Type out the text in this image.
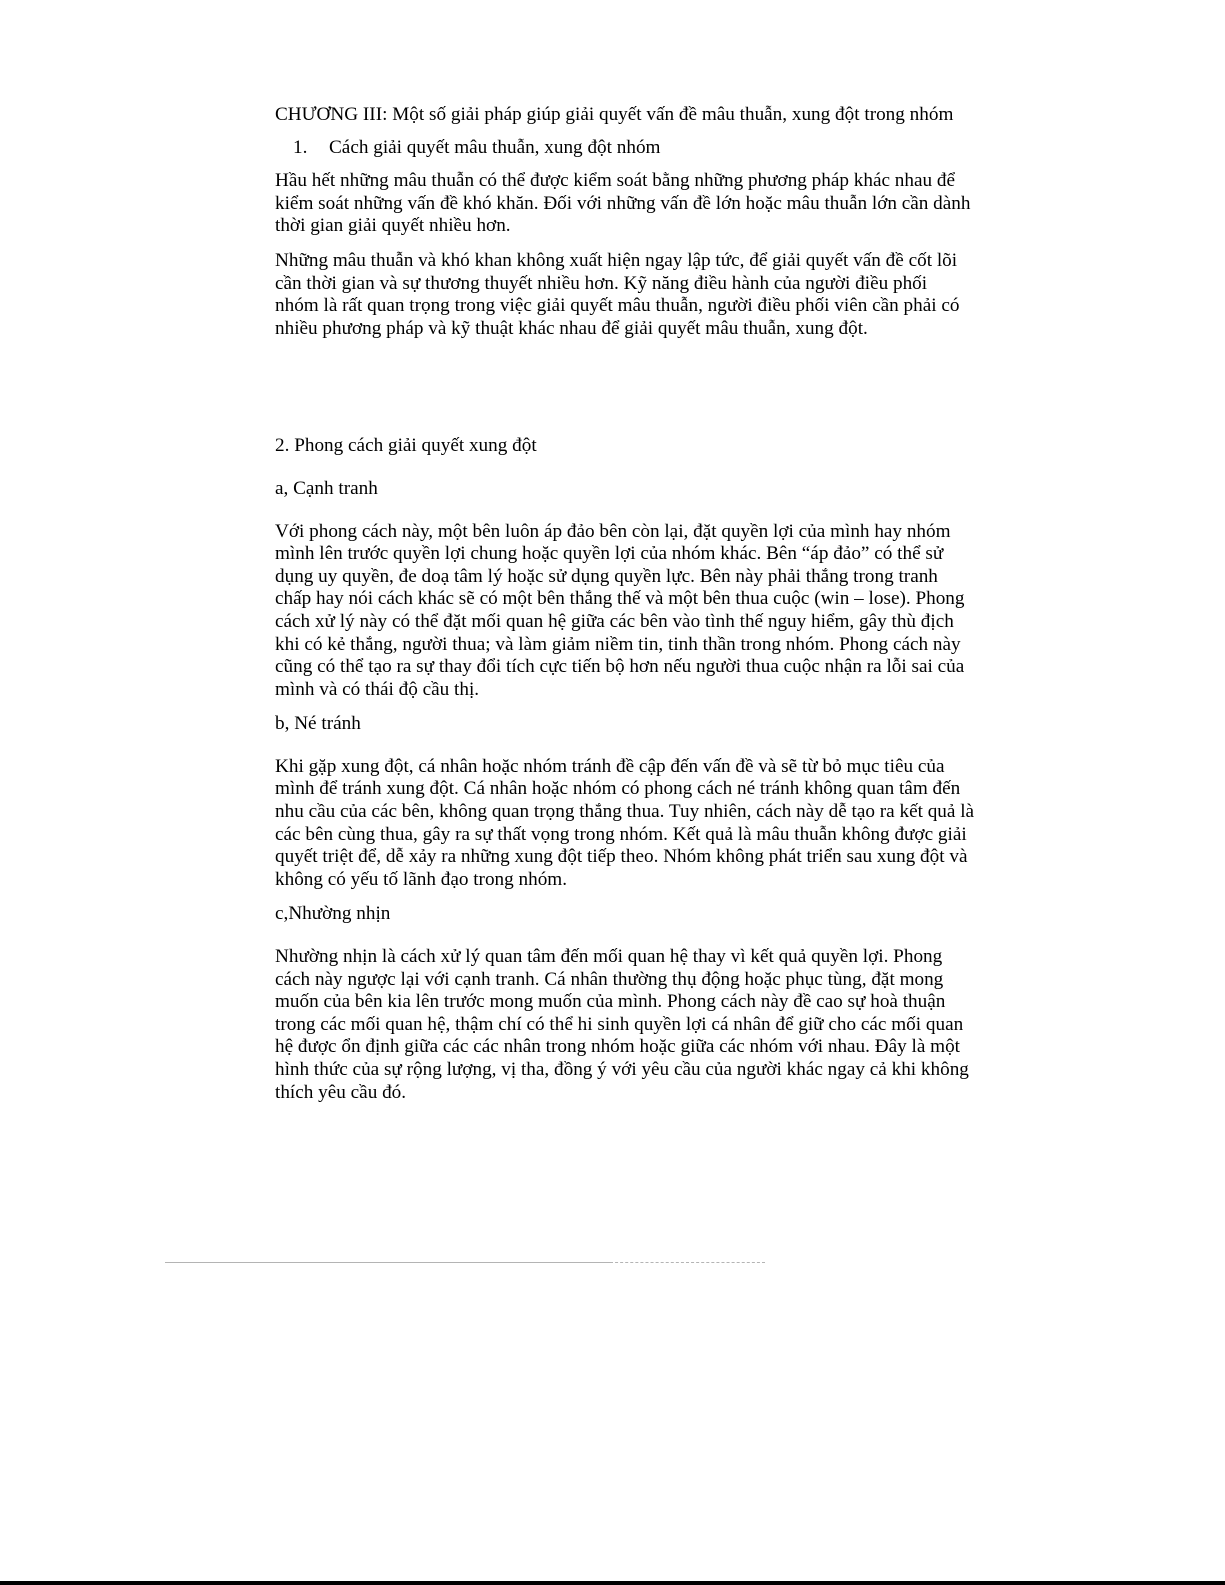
CHƯƠNG III: Một số giải pháp giúp giải quyết vấn đề mâu thuẫn, xung đột trong nhóm
1. Cách giải quyết mâu thuẫn, xung đột nhóm

Hầu hết những mâu thuẫn có thể được kiểm soát bằng những phương pháp khác nhau để kiểm soát những vấn đề khó khăn. Đối với những vấn đề lớn hoặc mâu thuẫn lớn cần dành thời gian giải quyết nhiều hơn.

Những mâu thuẫn và khó khan không xuất hiện ngay lập tức, để giải quyết vấn đề cốt lõi cần thời gian và sự thương thuyết nhiều hơn. Kỹ năng điều hành của người điều phối nhóm là rất quan trọng trong việc giải quyết mâu thuẫn, người điều phối viên cần phải có nhiều phương pháp và kỹ thuật khác nhau để giải quyết mâu thuẫn, xung đột.

2. Phong cách giải quyết xung đột

a, Cạnh tranh

Với phong cách này, một bên luôn áp đảo bên còn lại, đặt quyền lợi của mình hay nhóm mình lên trước quyền lợi chung hoặc quyền lợi của nhóm khác. Bên “áp đảo” có thể sử dụng uy quyền, đe doạ tâm lý hoặc sử dụng quyền lực. Bên này phải thắng trong tranh chấp hay nói cách khác sẽ có một bên thắng thế và một bên thua cuộc (win – lose). Phong cách xử lý này có thể đặt mối quan hệ giữa các bên vào tình thế nguy hiểm, gây thù địch khi có kẻ thắng, người thua; và làm giảm niềm tin, tinh thần trong nhóm. Phong cách này cũng có thể tạo ra sự thay đổi tích cực tiến bộ hơn nếu người thua cuộc nhận ra lỗi sai của mình và có thái độ cầu thị.

b, Né tránh

Khi gặp xung đột, cá nhân hoặc nhóm tránh đề cập đến vấn đề và sẽ từ bỏ mục tiêu của mình để tránh xung đột. Cá nhân hoặc nhóm có phong cách né tránh không quan tâm đến nhu cầu của các bên, không quan trọng thắng thua. Tuy nhiên, cách này dễ tạo ra kết quả là các bên cùng thua, gây ra sự thất vọng trong nhóm. Kết quả là mâu thuẫn không được giải quyết triệt để, dễ xảy ra những xung đột tiếp theo. Nhóm không phát triển sau xung đột và không có yếu tố lãnh đạo trong nhóm.

c,Nhường nhịn

Nhường nhịn là cách xử lý quan tâm đến mối quan hệ thay vì kết quả quyền lợi. Phong cách này ngược lại với cạnh tranh. Cá nhân thường thụ động hoặc phục tùng, đặt mong muốn của bên kia lên trước mong muốn của mình. Phong cách này đề cao sự hoà thuận trong các mối quan hệ, thậm chí có thể hi sinh quyền lợi cá nhân để giữ cho các mối quan hệ được ổn định giữa các các nhân trong nhóm hoặc giữa các nhóm với nhau. Đây là một hình thức của sự rộng lượng, vị tha, đồng ý với yêu cầu của người khác ngay cả khi không thích yêu cầu đó.
